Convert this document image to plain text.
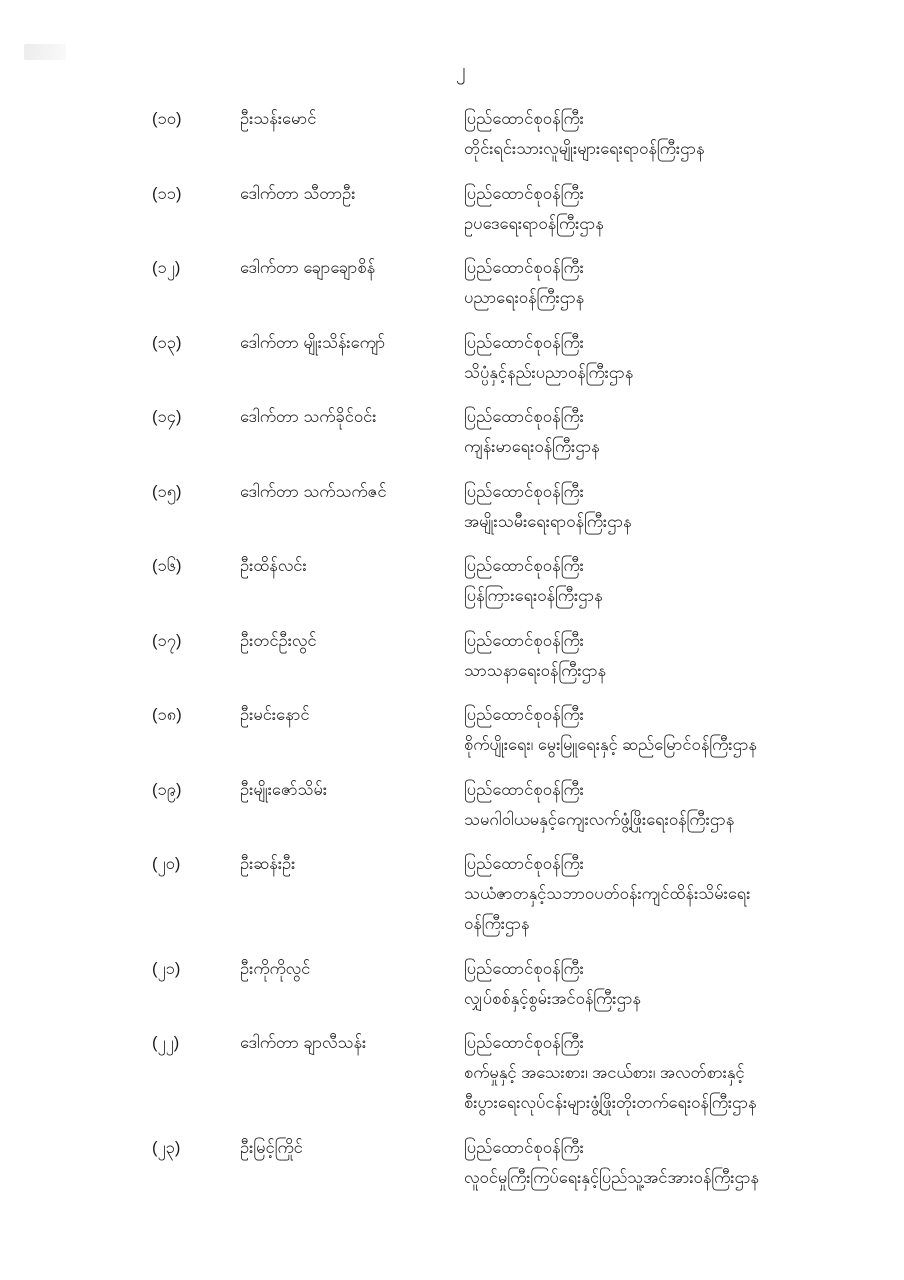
၂
(၁၀)	ဦးသန်းမောင်	ပြည်ထောင်စုဝန်ကြီး
တိုင်းရင်းသားလူမျိုးများရေးရာဝန်ကြီးဌာန
(၁၁)	ဒေါက်တာ သီတာဦး	ပြည်ထောင်စုဝန်ကြီး
ဥပဒေရေးရာဝန်ကြီးဌာန
(၁၂)	ဒေါက်တာ ချောချောစိန်	ပြည်ထောင်စုဝန်ကြီး
ပညာရေးဝန်ကြီးဌာန
(၁၃)	ဒေါက်တာ မျိုးသိန်းကျော်	ပြည်ထောင်စုဝန်ကြီး
သိပ္ပံနှင့်နည်းပညာဝန်ကြီးဌာန
(၁၄)	ဒေါက်တာ သက်ခိုင်ဝင်း	ပြည်ထောင်စုဝန်ကြီး
ကျန်းမာရေးဝန်ကြီးဌာန
(၁၅)	ဒေါက်တာ သက်သက်ဇင်	ပြည်ထောင်စုဝန်ကြီး
အမျိုးသမီးရေးရာဝန်ကြီးဌာန
(၁၆)	ဦးထိန်လင်း	ပြည်ထောင်စုဝန်ကြီး
ပြန်ကြားရေးဝန်ကြီးဌာန
(၁၇)	ဦးတင်ဦးလွင်	ပြည်ထောင်စုဝန်ကြီး
သာသနာရေးဝန်ကြီးဌာန
(၁၈)	ဦးမင်းနောင်	ပြည်ထောင်စုဝန်ကြီး
စိုက်ပျိုးရေး၊ မွေးမြူရေးနှင့် ဆည်မြောင်ဝန်ကြီးဌာန
(၁၉)	ဦးမျိုးဇော်သိမ်း	ပြည်ထောင်စုဝန်ကြီး
သမဂါဝါယမနှင့်ကျေးလက်ဖွံ့ဖြိုးရေးဝန်ကြီးဌာန
(၂၀)	ဦးဆန်းဦး	ပြည်ထောင်စုဝန်ကြီး
သယံဇာတနှင့်သဘာဝပတ်ဝန်းကျင်ထိန်းသိမ်းရေး
ဝန်ကြီးဌာန
(၂၁)	ဦးကိုကိုလွင်	ပြည်ထောင်စုဝန်ကြီး
လျှပ်စစ်နှင့်စွမ်းအင်ဝန်ကြီးဌာန
(၂၂)	ဒေါက်တာ ချာလီသန်း	ပြည်ထောင်စုဝန်ကြီး
စက်မှုနှင့် အသေးစား၊ အငယ်စား၊ အလတ်စားနှင့်
စီးပွားရေးလုပ်ငန်းများဖွံ့ဖြိုးတိုးတက်ရေးဝန်ကြီးဌာန
(၂၃)	ဦးမြင့်ကြိုင်	ပြည်ထောင်စုဝန်ကြီး
လူဝင်မှုကြီးကြပ်ရေးနှင့်ပြည်သူ့အင်အားဝန်ကြီးဌာန
